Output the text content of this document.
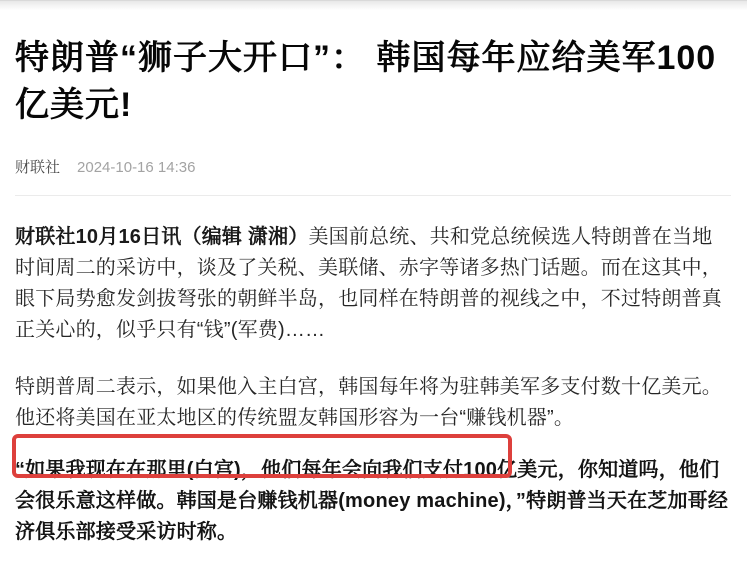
特朗普“狮子大开口”： 韩国每年应给美军100亿美元!
财联社 2024-10-16 14:36

财联社10月16日讯（编辑 潇湘）美国前总统、共和党总统候选人特朗普在当地时间周二的采访中，谈及了关税、美联储、赤字等诸多热门话题。而在这其中，眼下局势愈发剑拔弩张的朝鲜半岛，也同样在特朗普的视线之中，不过特朗普真正关心的，似乎只有“钱”(军费)……

特朗普周二表示，如果他入主白宫，韩国每年将为驻韩美军多支付数十亿美元。他还将美国在亚太地区的传统盟友韩国形容为一台“赚钱机器”。

“如果我现在在那里(白宫)，他们每年会向我们支付100亿美元，你知道吗，他们会很乐意这样做。韩国是台赚钱机器(money machine)，”特朗普当天在芝加哥经济俱乐部接受采访时称。
